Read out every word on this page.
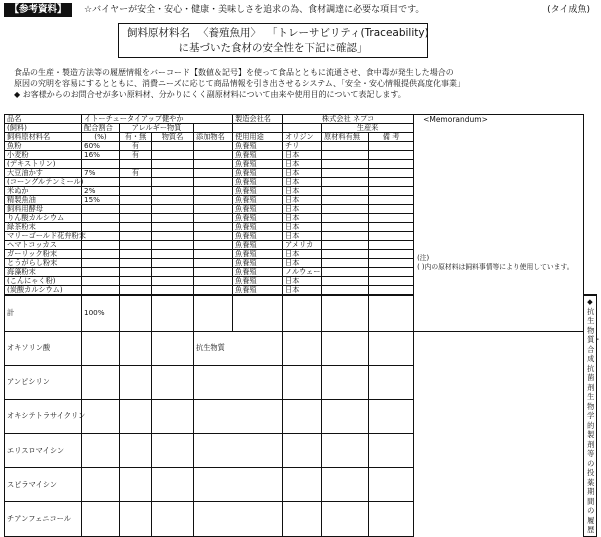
【参考資料】	☆バイヤーが安全・安心・健康・美味しさを追求の為、食材調達に必要な項目です。	(タイ成魚)
飼料原材料名 〈養殖魚用〉 「トレーサビリティ(Traceability)
に基づいた食材の安全性を下記に確認」

食品の生産・製造方法等の履歴情報をバーコード【数値＆記号】を使って食品とともに流通させ、食中毒が発生した場合の

原因の究明を容易にするとともに、消費ニーズに応じて商品情報を引き出させるシステム、「安全・安心情報提供高度化事業」

◆ お客様からのお問合せが多い原料材、分かりにくく副原材料について由来や使用目的について表記します。

品名	イトーチュータイアップ健やか				製造会社名	株式会社 ネプコ			<Memorandum>
(注)
( )内の原材料は飼料事情等により使用しています。	

(飼料)	配合割合	アレルギー物質					生産来			
飼料原材料名	(%)	有・無	物質名	添加物名	使用用途	オリジン	原材料有無	備 考		
魚粉	60%	有			魚養殖	チリ				
小麦粉	16%	有			魚養殖	日本				
(デキストリン)					魚養殖	日本				
大豆油かす	7%	有			魚養殖	日本				
(コーングルテンミール)					魚養殖	日本				
米ぬか	2%				魚養殖	日本				
精製魚油	15%				魚養殖	日本				
飼料用酵母					魚養殖	日本				
りん酸カルシウム					魚養殖	日本				
緑茶粉末					魚養殖	日本				
マリーゴールド花弁粉末					魚養殖	日本				
ヘマトコッカス					魚養殖	アメリカ				
ガーリック粉末					魚養殖	日本				
とうがらし粉末					魚養殖	日本				
海藻粉末					魚養殖	ノルウェー				
(こんにゃく粉)					魚養殖	日本				
(炭酸カルシウム)					魚養殖	日本				
計	100%									◆ 抗生物質・合成抗菌剤生物学的製剤等の投薬期間の履歴

オキソリン酸				抗生物質						
アンピシリン										
オキシテトラサイクリン										
エリスロマイシン										
スピラマイシン										
チアンフェニコール										
